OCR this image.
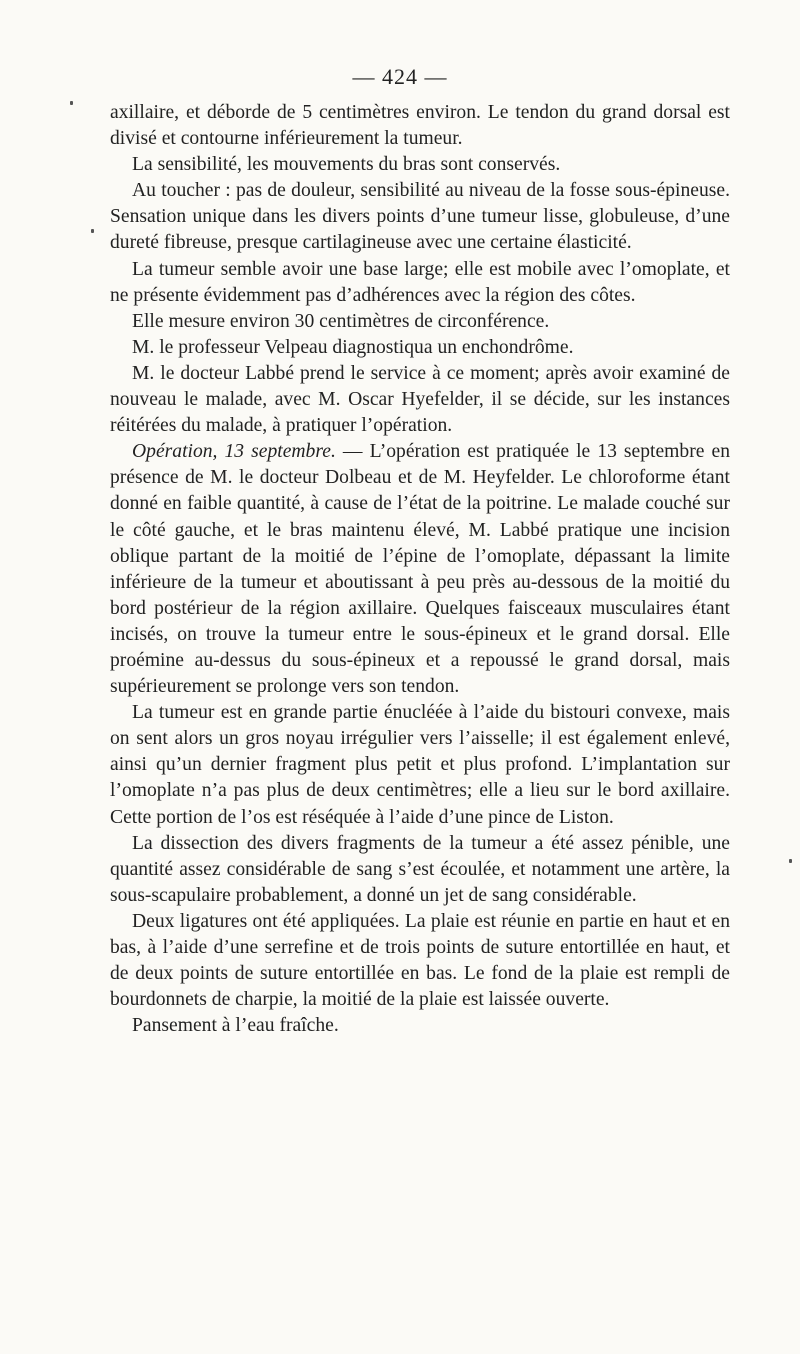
— 424 —

axillaire, et déborde de 5 centimètres environ. Le tendon du grand dorsal est divisé et contourne inférieurement la tumeur.

La sensibilité, les mouvements du bras sont conservés.

Au toucher : pas de douleur, sensibilité au niveau de la fosse sous-épineuse. Sensation unique dans les divers points d’une tumeur lisse, globuleuse, d’une dureté fibreuse, presque cartilagineuse avec une certaine élasticité.

La tumeur semble avoir une base large; elle est mobile avec l’omoplate, et ne présente évidemment pas d’adhérences avec la région des côtes.

Elle mesure environ 30 centimètres de circonférence.

M. le professeur Velpeau diagnostiqua un enchondrôme.

M. le docteur Labbé prend le service à ce moment; après avoir examiné de nouveau le malade, avec M. Oscar Hyefelder, il se décide, sur les instances réitérées du malade, à pratiquer l’opération.

Opération, 13 septembre. — L’opération est pratiquée le 13 septembre en présence de M. le docteur Dolbeau et de M. Heyfelder. Le chloroforme étant donné en faible quantité, à cause de l’état de la poitrine. Le malade couché sur le côté gauche, et le bras maintenu élevé, M. Labbé pratique une incision oblique partant de la moitié de l’épine de l’omoplate, dépassant la limite inférieure de la tumeur et aboutissant à peu près au-dessous de la moitié du bord postérieur de la région axillaire. Quelques faisceaux musculaires étant incisés, on trouve la tumeur entre le sous-épineux et le grand dorsal. Elle proémine au-dessus du sous-épineux et a repoussé le grand dorsal, mais supérieurement se prolonge vers son tendon.

La tumeur est en grande partie énucléée à l’aide du bistouri convexe, mais on sent alors un gros noyau irrégulier vers l’aisselle; il est également enlevé, ainsi qu’un dernier fragment plus petit et plus profond. L’implantation sur l’omoplate n’a pas plus de deux centimètres; elle a lieu sur le bord axillaire. Cette portion de l’os est réséquée à l’aide d’une pince de Liston.

La dissection des divers fragments de la tumeur a été assez pénible, une quantité assez considérable de sang s’est écoulée, et notamment une artère, la sous-scapulaire probablement, a donné un jet de sang considérable.

Deux ligatures ont été appliquées. La plaie est réunie en partie en haut et en bas, à l’aide d’une serrefine et de trois points de suture entortillée en haut, et de deux points de suture entortillée en bas. Le fond de la plaie est rempli de bourdonnets de charpie, la moitié de la plaie est laissée ouverte.

Pansement à l’eau fraîche.
